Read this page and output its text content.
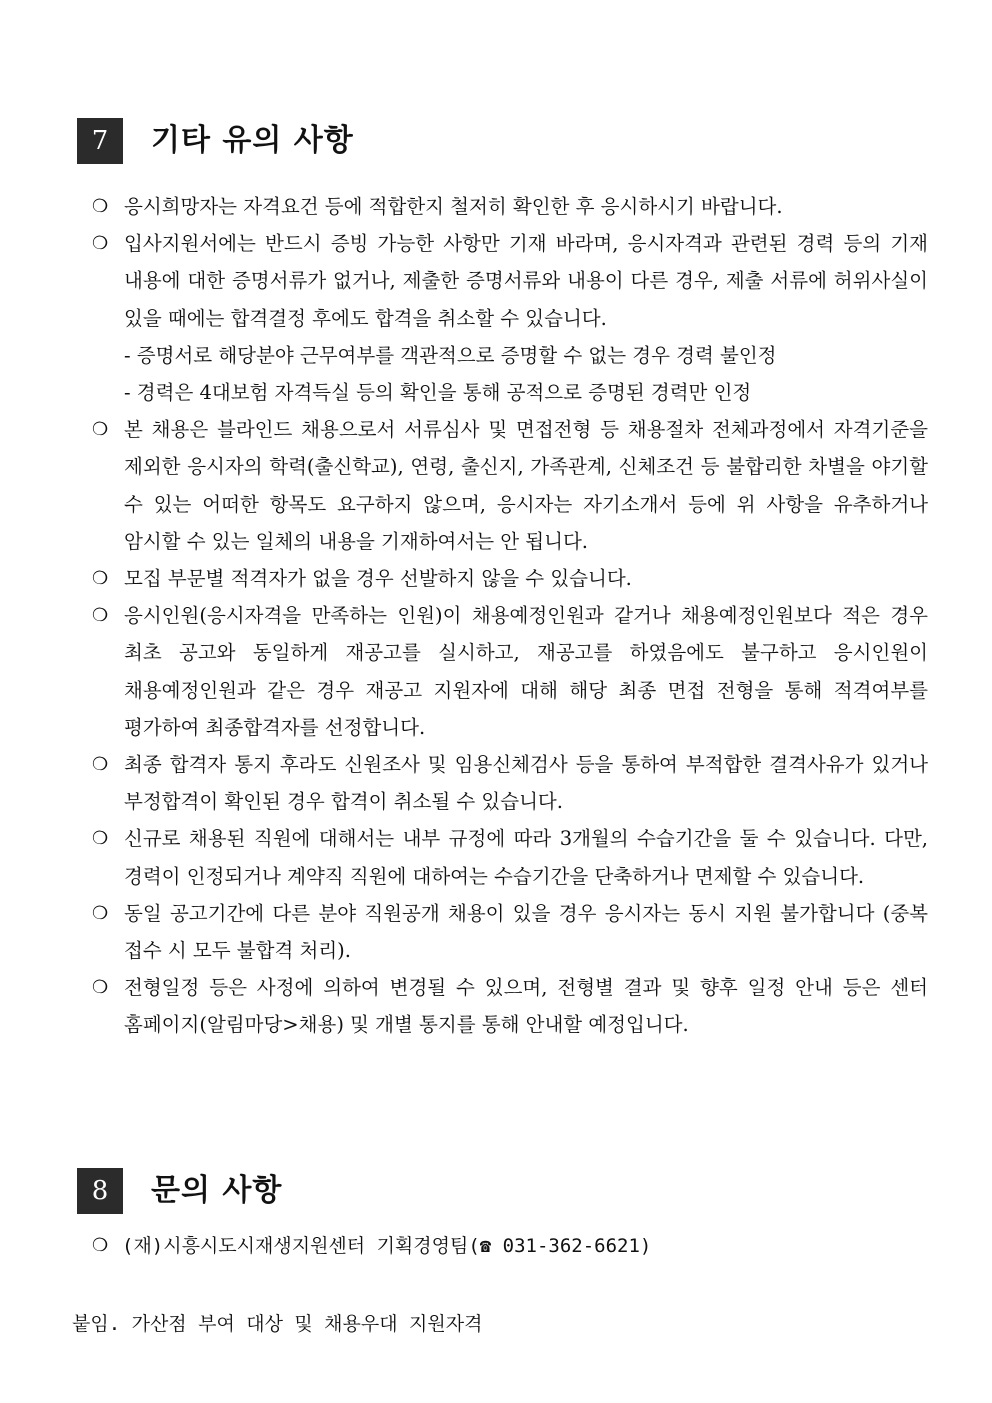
7	기타 유의 사항
❍ 응시희망자는 자격요건 등에 적합한지 철저히 확인한 후 응시하시기 바랍니다.
❍ 입사지원서에는 반드시 증빙 가능한 사항만 기재 바라며, 응시자격과 관련된 경력 등의 기재 내용에 대한 증명서류가 없거나, 제출한 증명서류와 내용이 다른 경우, 제출 서류에 허위사실이 있을 때에는 합격결정 후에도 합격을 취소할 수 있습니다.
- 증명서로 해당분야 근무여부를 객관적으로 증명할 수 없는 경우 경력 불인정
- 경력은 4대보험 자격득실 등의 확인을 통해 공적으로 증명된 경력만 인정
❍ 본 채용은 블라인드 채용으로서 서류심사 및 면접전형 등 채용절차 전체과정에서 자격기준을 제외한 응시자의 학력(출신학교), 연령, 출신지, 가족관계, 신체조건 등 불합리한 차별을 야기할 수 있는 어떠한 항목도 요구하지 않으며, 응시자는 자기소개서 등에 위 사항을 유추하거나 암시할 수 있는 일체의 내용을 기재하여서는 안 됩니다.
❍ 모집 부문별 적격자가 없을 경우 선발하지 않을 수 있습니다.
❍ 응시인원(응시자격을 만족하는 인원)이 채용예정인원과 같거나 채용예정인원보다 적은 경우 최초 공고와 동일하게 재공고를 실시하고, 재공고를 하였음에도 불구하고 응시인원이 채용예정인원과 같은 경우 재공고 지원자에 대해 해당 최종 면접 전형을 통해 적격여부를 평가하여 최종합격자를 선정합니다.
❍ 최종 합격자 통지 후라도 신원조사 및 임용신체검사 등을 통하여 부적합한 결격사유가 있거나 부정합격이 확인된 경우 합격이 취소될 수 있습니다.
❍ 신규로 채용된 직원에 대해서는 내부 규정에 따라 3개월의 수습기간을 둘 수 있습니다. 다만, 경력이 인정되거나 계약직 직원에 대하여는 수습기간을 단축하거나 면제할 수 있습니다.
❍ 동일 공고기간에 다른 분야 직원공개 채용이 있을 경우 응시자는 동시 지원 불가합니다 (중복 접수 시 모두 불합격 처리).
❍ 전형일정 등은 사정에 의하여 변경될 수 있으며, 전형별 결과 및 향후 일정 안내 등은 센터 홈페이지(알림마당>채용) 및 개별 통지를 통해 안내할 예정입니다.
8	문의 사항
❍ (재)시흥시도시재생지원센터 기획경영팀(☎ 031-362-6621)
붙임. 가산점 부여 대상 및 채용우대 지원자격
